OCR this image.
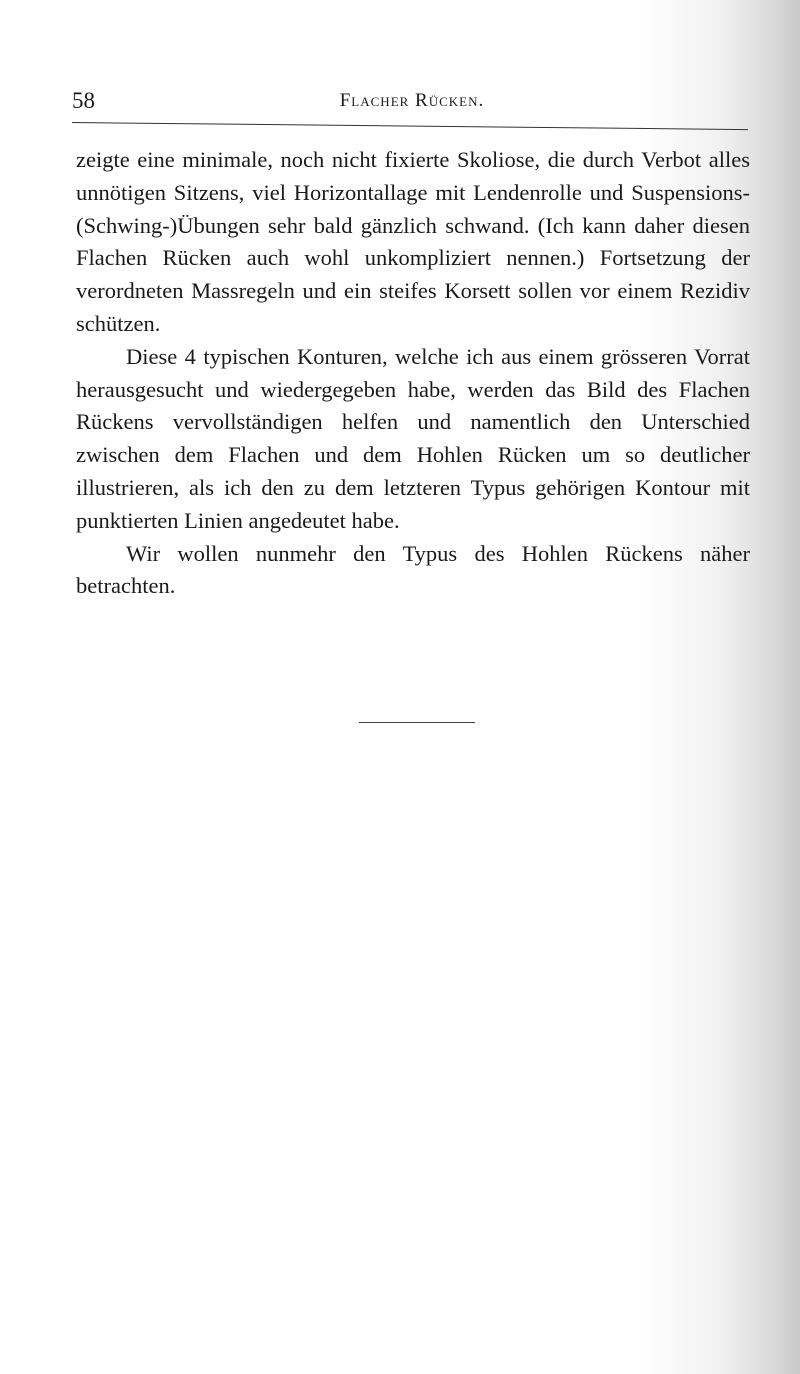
58	Flacher Rücken.

zeigte eine minimale, noch nicht fixierte Skoliose, die durch Verbot alles unnötigen Sitzens, viel Horizontallage mit Lendenrolle und Suspensions-(Schwing-)Übungen sehr bald gänzlich schwand. (Ich kann daher diesen Flachen Rücken auch wohl unkompliziert nennen.) Fortsetzung der verordneten Massregeln und ein steifes Korsett sollen vor einem Rezidiv schützen.

Diese 4 typischen Konturen, welche ich aus einem grösseren Vorrat herausgesucht und wiedergegeben habe, werden das Bild des Flachen Rückens vervollständigen helfen und namentlich den Unterschied zwischen dem Flachen und dem Hohlen Rücken um so deutlicher illustrieren, als ich den zu dem letzteren Typus gehörigen Kontour mit punktierten Linien angedeutet habe.

Wir wollen nunmehr den Typus des Hohlen Rückens näher betrachten.
